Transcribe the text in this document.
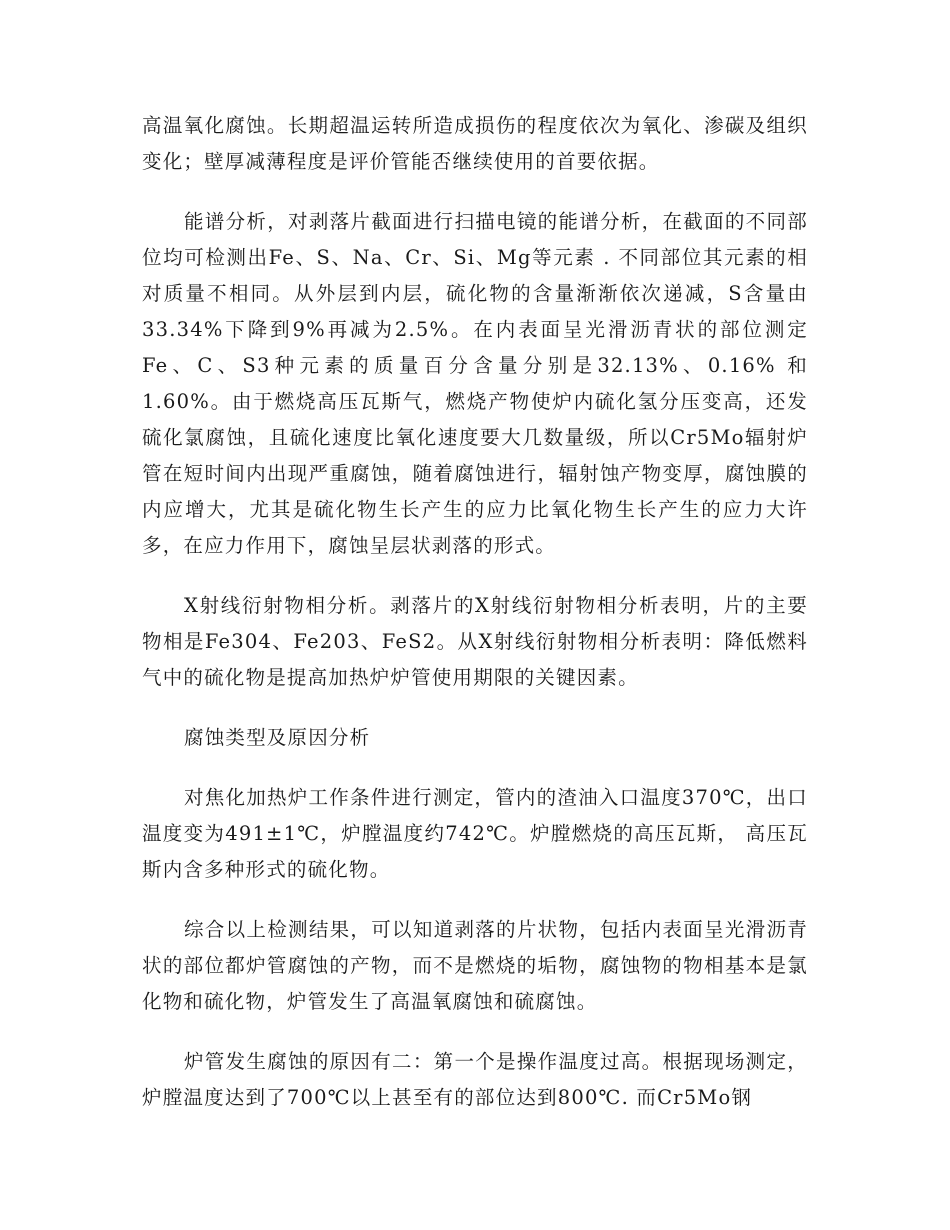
高温氧化腐蚀。长期超温运转所造成损伤的程度依次为氧化、渗碳及组织变化；壁厚减薄程度是评价管能否继续使用的首要依据。

能谱分析，对剥落片截面进行扫描电镜的能谱分析，在截面的不同部位均可检测出Fe、S、Na、Cr、Si、Mg等元素 . 不同部位其元素的相对质量不相同。从外层到内层，硫化物的含量渐渐依次递减，S含量由33.34%下降到9%再减为2.5%。在内表面呈光滑沥青状的部位测定Fe、C、S3种元素的质量百分含量分别是32.13%、0.16% 和1.60%。由于燃烧高压瓦斯气，燃烧产物使炉内硫化氢分压变高，还发硫化氯腐蚀，且硫化速度比氧化速度要大几数量级，所以Cr5Mo辐射炉管在短时间内出现严重腐蚀，随着腐蚀进行，辐射蚀产物变厚，腐蚀膜的内应增大，尤其是硫化物生长产生的应力比氧化物生长产生的应力大许多，在应力作用下，腐蚀呈层状剥落的形式。

X射线衍射物相分析。剥落片的X射线衍射物相分析表明，片的主要物相是Fe304、Fe203、FeS2。从X射线衍射物相分析表明：降低燃料气中的硫化物是提高加热炉炉管使用期限的关键因素。

腐蚀类型及原因分析

对焦化加热炉工作条件进行测定，管内的渣油入口温度370℃，出口温度变为491±1℃，炉膛温度约742℃。炉膛燃烧的高压瓦斯， 高压瓦斯内含多种形式的硫化物。

综合以上检测结果，可以知道剥落的片状物，包括内表面呈光滑沥青状的部位都炉管腐蚀的产物，而不是燃烧的垢物，腐蚀物的物相基本是氯化物和硫化物，炉管发生了高温氧腐蚀和硫腐蚀。

炉管发生腐蚀的原因有二：第一个是操作温度过高。根据现场测定，炉膛温度达到了700℃以上甚至有的部位达到800℃. 而Cr5Mo钢
